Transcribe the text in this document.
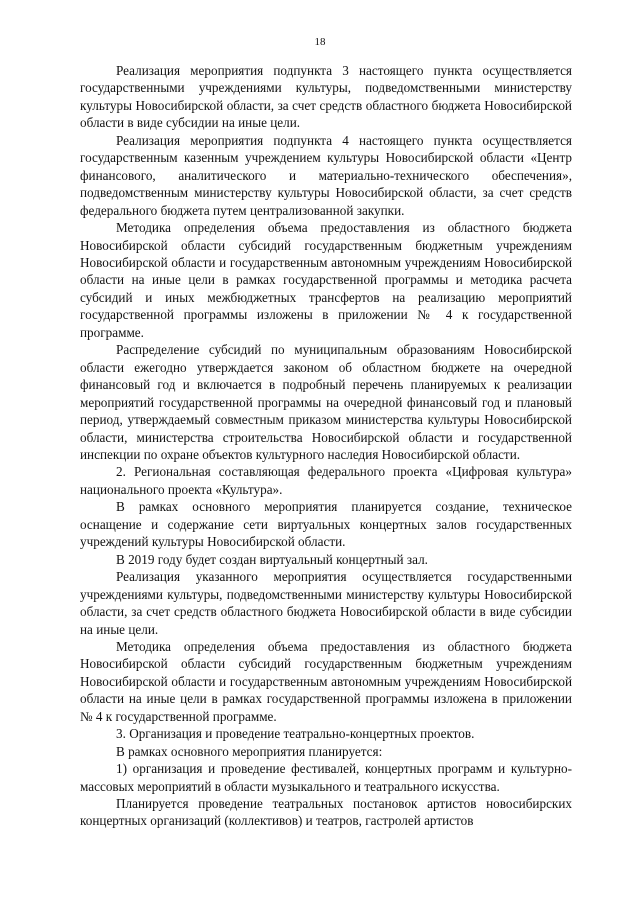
18

Реализация мероприятия подпункта 3 настоящего пункта осуществляется государственными учреждениями культуры, подведомственными министерству культуры Новосибирской области, за счет средств областного бюджета Новосибирской области в виде субсидии на иные цели.

Реализация мероприятия подпункта 4 настоящего пункта осуществляется государственным казенным учреждением культуры Новосибирской области «Центр финансового, аналитического и материально-технического обеспечения», подведомственным министерству культуры Новосибирской области, за счет средств федерального бюджета путем централизованной закупки.

Методика определения объема предоставления из областного бюджета Новосибирской области субсидий государственным бюджетным учреждениям Новосибирской области и государственным автономным учреждениям Новосибирской области на иные цели в рамках государственной программы и методика расчета субсидий и иных межбюджетных трансфертов на реализацию мероприятий государственной программы изложены в приложении № 4 к государственной программе.

Распределение субсидий по муниципальным образованиям Новосибирской области ежегодно утверждается законом об областном бюджете на очередной финансовый год и включается в подробный перечень планируемых к реализации мероприятий государственной программы на очередной финансовый год и плановый период, утверждаемый совместным приказом министерства культуры Новосибирской области, министерства строительства Новосибирской области и государственной инспекции по охране объектов культурного наследия Новосибирской области.

2. Региональная составляющая федерального проекта «Цифровая культура» национального проекта «Культура».

В рамках основного мероприятия планируется создание, техническое оснащение и содержание сети виртуальных концертных залов государственных учреждений культуры Новосибирской области.

В 2019 году будет создан виртуальный концертный зал.

Реализация указанного мероприятия осуществляется государственными учреждениями культуры, подведомственными министерству культуры Новосибирской области, за счет средств областного бюджета Новосибирской области в виде субсидии на иные цели.

Методика определения объема предоставления из областного бюджета Новосибирской области субсидий государственным бюджетным учреждениям Новосибирской области и государственным автономным учреждениям Новосибирской области на иные цели в рамках государственной программы изложена в приложении № 4 к государственной программе.

3. Организация и проведение театрально-концертных проектов.

В рамках основного мероприятия планируется:

1) организация и проведение фестивалей, концертных программ и культурно-массовых мероприятий в области музыкального и театрального искусства.

Планируется проведение театральных постановок артистов новосибирских концертных организаций (коллективов) и театров, гастролей артистов
